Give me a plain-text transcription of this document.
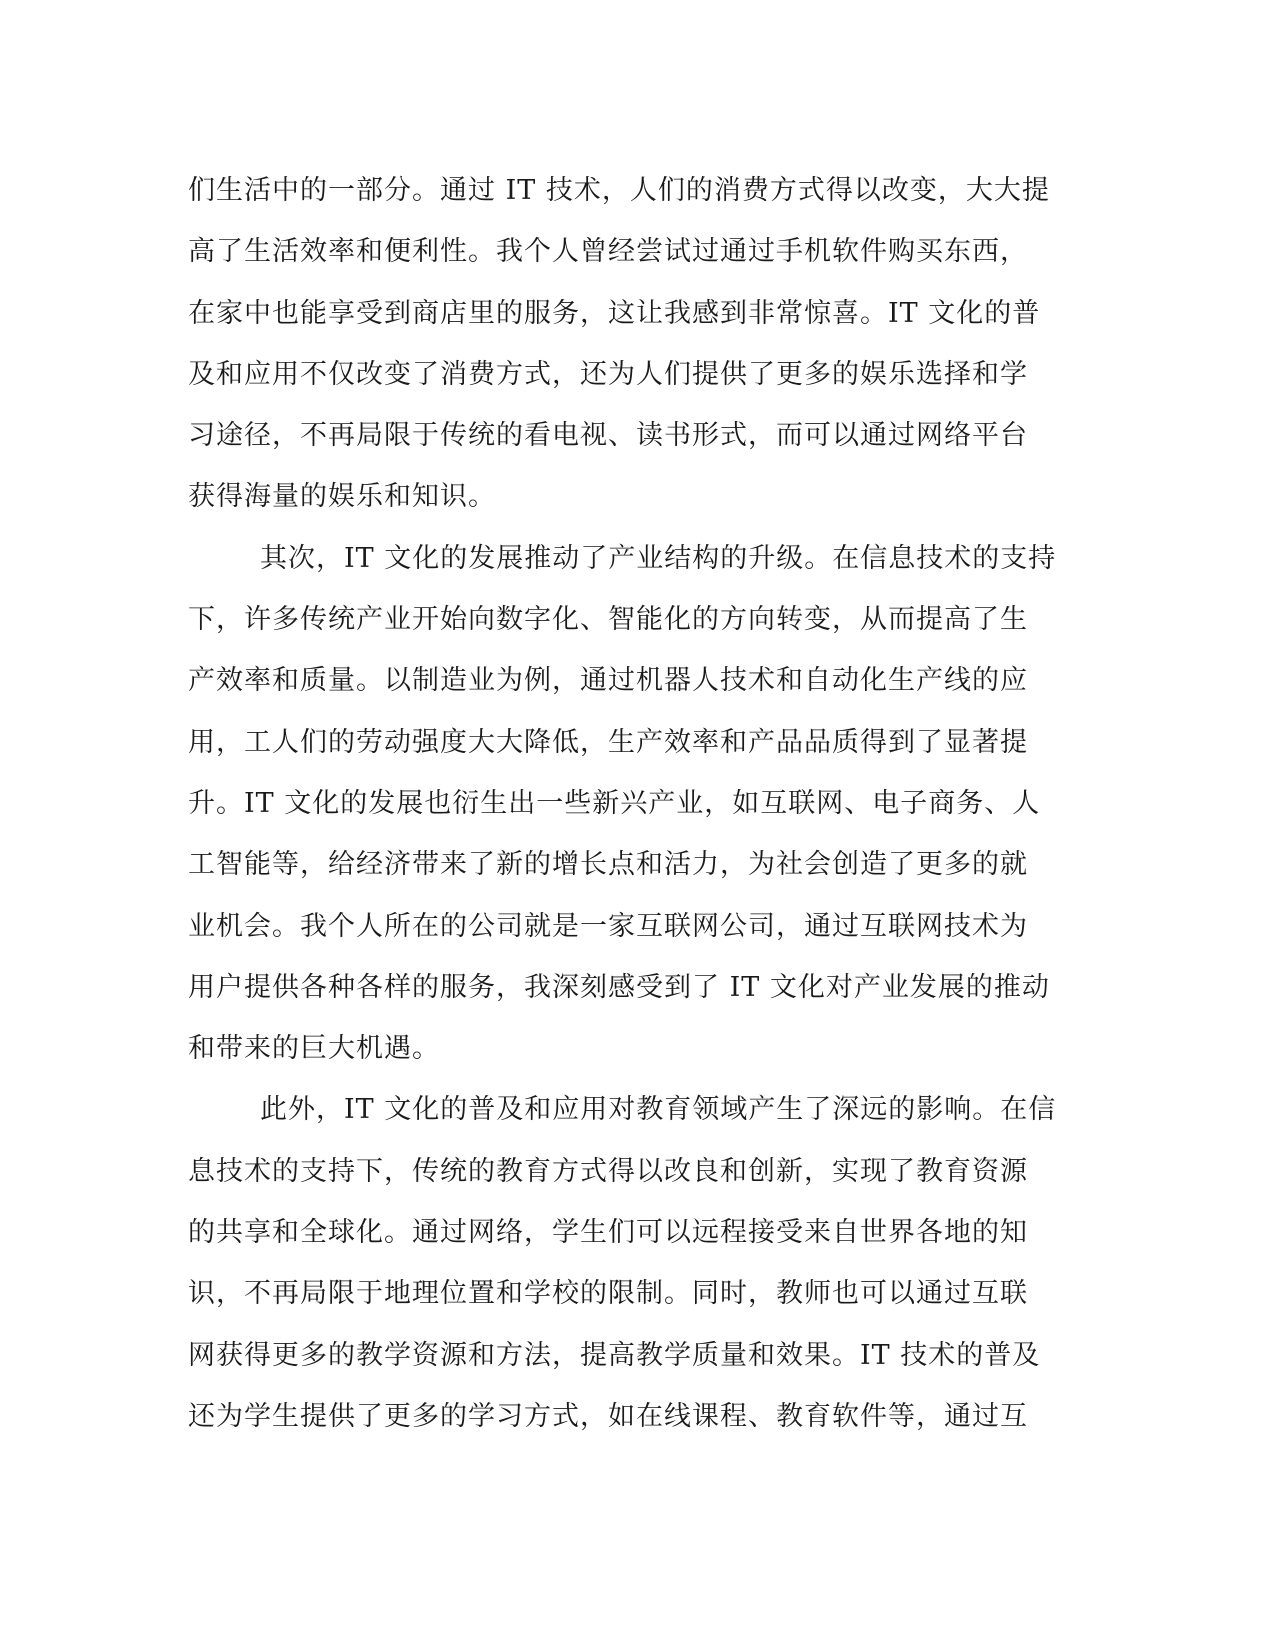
们生活中的一部分。通过 IT 技术，人们的消费方式得以改变，大大提
高了生活效率和便利性。我个人曾经尝试过通过手机软件购买东西，
在家中也能享受到商店里的服务，这让我感到非常惊喜。IT 文化的普
及和应用不仅改变了消费方式，还为人们提供了更多的娱乐选择和学
习途径，不再局限于传统的看电视、读书形式，而可以通过网络平台
获得海量的娱乐和知识。
其次，IT 文化的发展推动了产业结构的升级。在信息技术的支持
下，许多传统产业开始向数字化、智能化的方向转变，从而提高了生
产效率和质量。以制造业为例，通过机器人技术和自动化生产线的应
用，工人们的劳动强度大大降低，生产效率和产品品质得到了显著提
升。IT 文化的发展也衍生出一些新兴产业，如互联网、电子商务、人
工智能等，给经济带来了新的增长点和活力，为社会创造了更多的就
业机会。我个人所在的公司就是一家互联网公司，通过互联网技术为
用户提供各种各样的服务，我深刻感受到了 IT 文化对产业发展的推动
和带来的巨大机遇。
此外，IT 文化的普及和应用对教育领域产生了深远的影响。在信
息技术的支持下，传统的教育方式得以改良和创新，实现了教育资源
的共享和全球化。通过网络，学生们可以远程接受来自世界各地的知
识，不再局限于地理位置和学校的限制。同时，教师也可以通过互联
网获得更多的教学资源和方法，提高教学质量和效果。IT 技术的普及
还为学生提供了更多的学习方式，如在线课程、教育软件等，通过互
